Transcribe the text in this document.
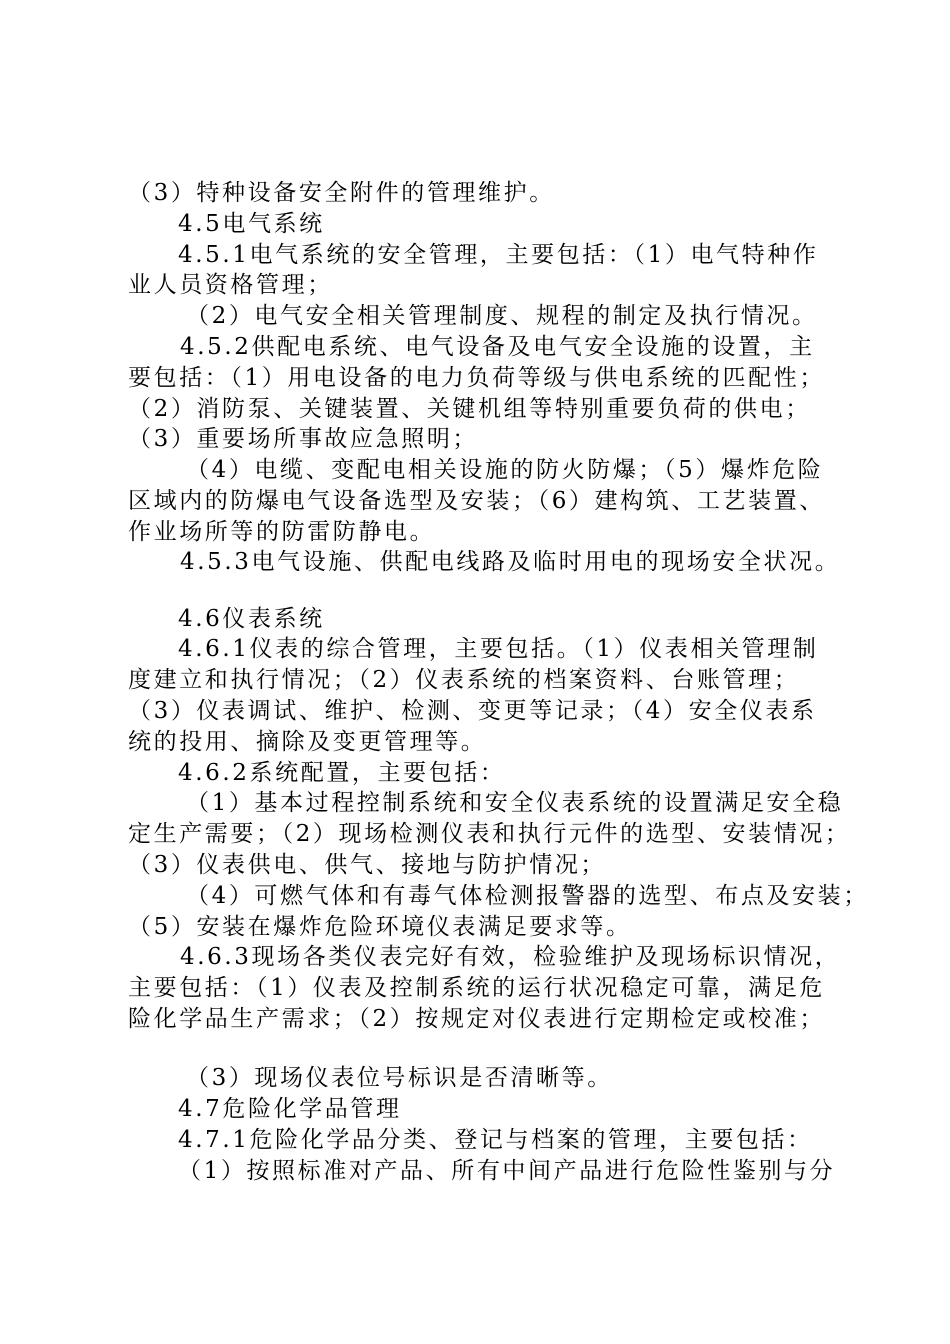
（3）特种设备安全附件的管理维护。
4.5电气系统
4.5.1电气系统的安全管理，主要包括：（1）电气特种作
业人员资格管理；
（2）电气安全相关管理制度、规程的制定及执行情况。
4.5.2供配电系统、电气设备及电气安全设施的设置，主
要包括：（1）用电设备的电力负荷等级与供电系统的匹配性；
（2）消防泵、关键装置、关键机组等特别重要负荷的供电；
（3）重要场所事故应急照明；
（4）电缆、变配电相关设施的防火防爆；（5）爆炸危险
区域内的防爆电气设备选型及安装；（6）建构筑、工艺装置、
作业场所等的防雷防静电。
4.5.3电气设施、供配电线路及临时用电的现场安全状况。
4.6仪表系统
4.6.1仪表的综合管理，主要包括。（1）仪表相关管理制
度建立和执行情况；（2）仪表系统的档案资料、台账管理；
（3）仪表调试、维护、检测、变更等记录；（4）安全仪表系
统的投用、摘除及变更管理等。
4.6.2系统配置，主要包括：
（1）基本过程控制系统和安全仪表系统的设置满足安全稳
定生产需要；（2）现场检测仪表和执行元件的选型、安装情况；
（3）仪表供电、供气、接地与防护情况；
（4）可燃气体和有毒气体检测报警器的选型、布点及安装；
（5）安装在爆炸危险环境仪表满足要求等。
4.6.3现场各类仪表完好有效，检验维护及现场标识情况，
主要包括：（1）仪表及控制系统的运行状况稳定可靠，满足危
险化学品生产需求；（2）按规定对仪表进行定期检定或校准；
（3）现场仪表位号标识是否清晰等。
4.7危险化学品管理
4.7.1危险化学品分类、登记与档案的管理，主要包括：
（1）按照标准对产品、所有中间产品进行危险性鉴别与分
